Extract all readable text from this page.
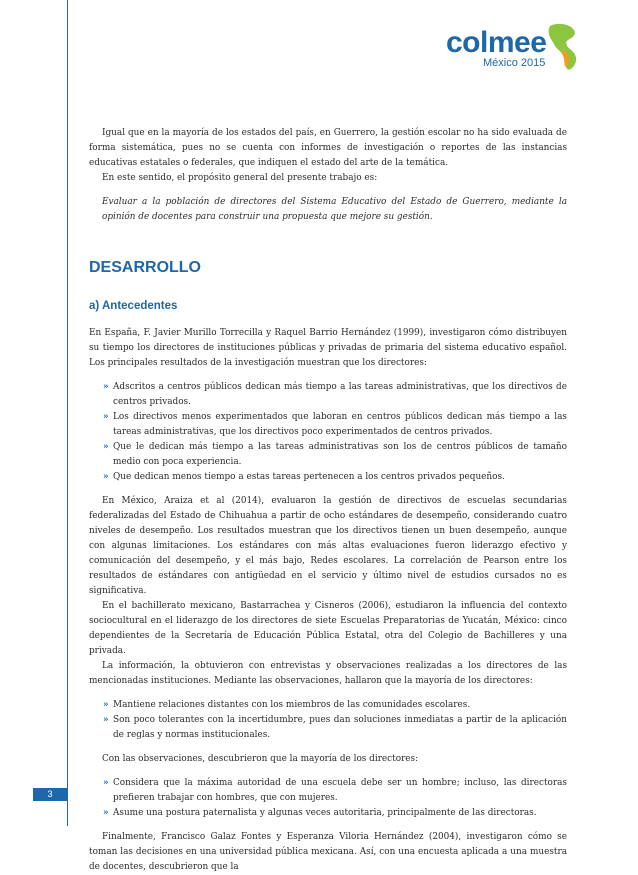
colmee
México 2015

Igual que en la mayoría de los estados del país, en Guerrero, la gestión escolar no ha sido evaluada de forma sistemática, pues no se cuenta con informes de investigación o reportes de las instancias educativas estatales o federales, que indiquen el estado del arte de la temática.

En este sentido, el propósito general del presente trabajo es:

Evaluar a la población de directores del Sistema Educativo del Estado de Guerrero, mediante la opinión de docentes para construir una propuesta que mejore su gestión.

DESARROLLO
a) Antecedentes

En España, F. Javier Murillo Torrecilla y Raquel Barrio Hernández (1999), investigaron cómo distribuyen su tiempo los directores de instituciones públicas y privadas de primaria del sistema educativo español. Los principales resultados de la investigación muestran que los directores:

» Adscritos a centros públicos dedican más tiempo a las tareas administrativas, que los directivos de centros privados.
» Los directivos menos experimentados que laboran en centros públicos dedican más tiempo a las tareas administrativas, que los directivos poco experimentados de centros privados.
» Que le dedican más tiempo a las tareas administrativas son los de centros públicos de tamaño medio con poca experiencia.
» Que dedican menos tiempo a estas tareas pertenecen a los centros privados pequeños.

En México, Araiza et al (2014), evaluaron la gestión de directivos de escuelas secundarias federalizadas del Estado de Chihuahua a partir de ocho estándares de desempeño, considerando cuatro niveles de desempeño. Los resultados muestran que los directivos tienen un buen desempeño, aunque con algunas limitaciones. Los estándares con más altas evaluaciones fueron liderazgo efectivo y comunicación del desempeño, y el más bajo, Redes escolares. La correlación de Pearson entre los resultados de estándares con antigüedad en el servicio y último nivel de estudios cursados no es significativa.

En el bachillerato mexicano, Bastarrachea y Cisneros (2006), estudiaron la influencia del contexto sociocultural en el liderazgo de los directores de siete Escuelas Preparatorias de Yucatán, México: cinco dependientes de la Secretaría de Educación Pública Estatal, otra del Colegio de Bachilleres y una privada.

La información, la obtuvieron con entrevistas y observaciones realizadas a los directores de las mencionadas instituciones. Mediante las observaciones, hallaron que la mayoría de los directores:

» Mantiene relaciones distantes con los miembros de las comunidades escolares.
» Son poco tolerantes con la incertidumbre, pues dan soluciones inmediatas a partir de la aplicación de reglas y normas institucionales.

Con las observaciones, descubrieron que la mayoría de los directores:

» Considera que la máxima autoridad de una escuela debe ser un hombre; incluso, las directoras prefieren trabajar con hombres, que con mujeres.
» Asume una postura paternalista y algunas veces autoritaria, principalmente de las directoras.

Finalmente, Francisco Galaz Fontes y Esperanza Viloria Hernández (2004), investigaron cómo se toman las decisiones en una universidad pública mexicana. Así, con una encuesta aplicada a una muestra de docentes, descubrieron que la

3
